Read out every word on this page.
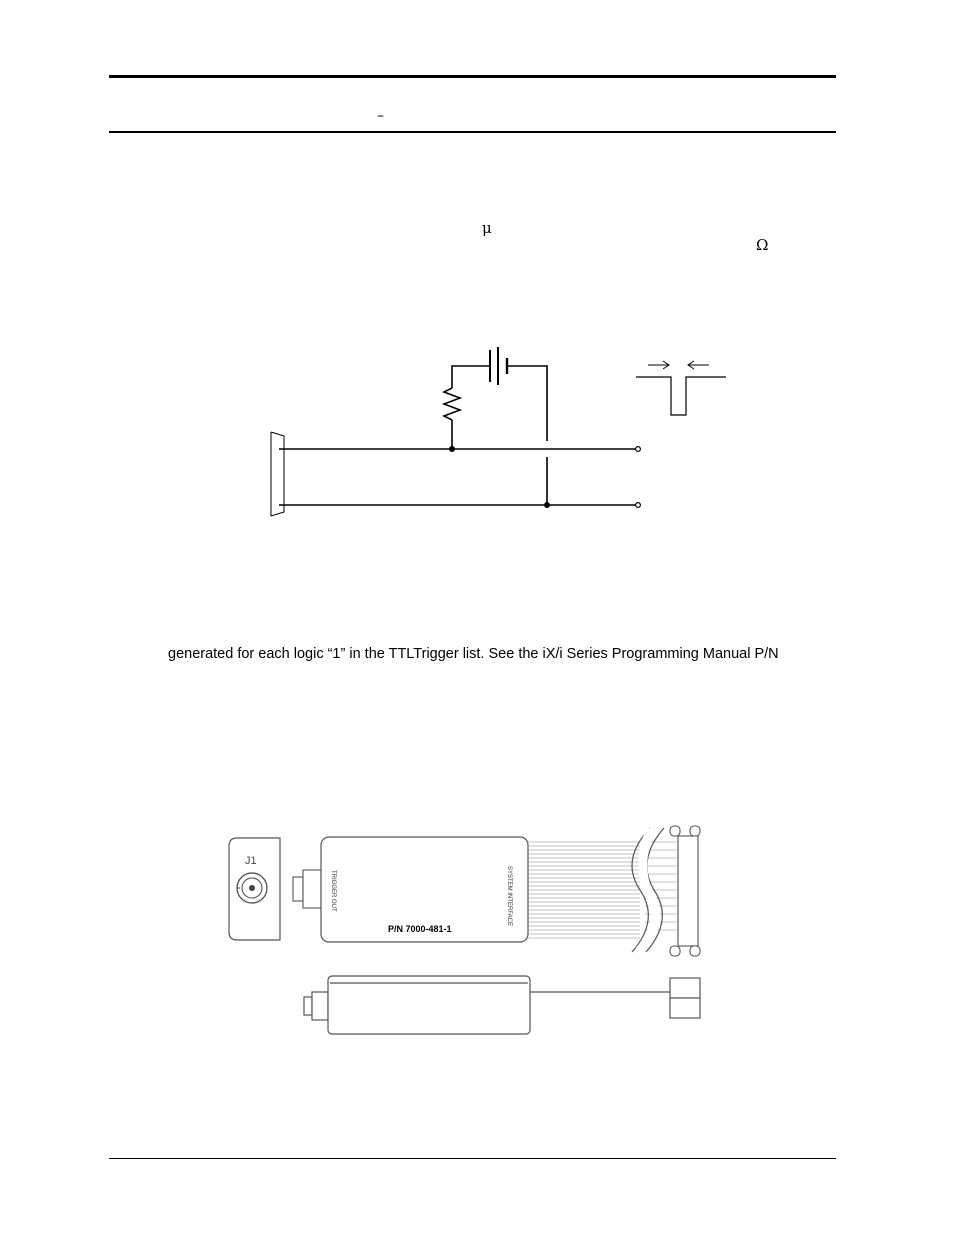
–
μ
Ω
generated for each logic “1” in the TTLTrigger list. See the iX/i Series Programming Manual P/N
J1
TRIGGER OUT	SYSTEM INTERFACE
P/N 7000-481-1
